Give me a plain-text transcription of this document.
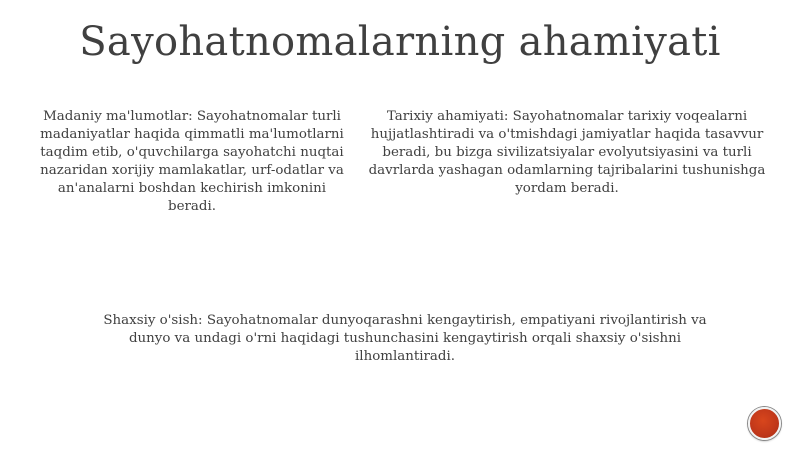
Sayohatnomalarning ahamiyati

Madaniy ma'lumotlar: Sayohatnomalar turli madaniyatlar haqida qimmatli ma'lumotlarni taqdim etib, o'quvchilarga sayohatchi nuqtai nazaridan xorijiy mamlakatlar, urf-odatlar va an'analarni boshdan kechirish imkonini beradi.

Tarixiy ahamiyati: Sayohatnomalar tarixiy voqealarni hujjatlashtiradi va o'tmishdagi jamiyatlar haqida tasavvur beradi, bu bizga sivilizatsiyalar evolyutsiyasini va turli davrlarda yashagan odamlarning tajribalarini tushunishga yordam beradi.

Shaxsiy o'sish: Sayohatnomalar dunyoqarashni kengaytirish, empatiyani rivojlantirish va dunyo va undagi o'rni haqidagi tushunchasini kengaytirish orqali shaxsiy o'sishni ilhomlantiradi.
